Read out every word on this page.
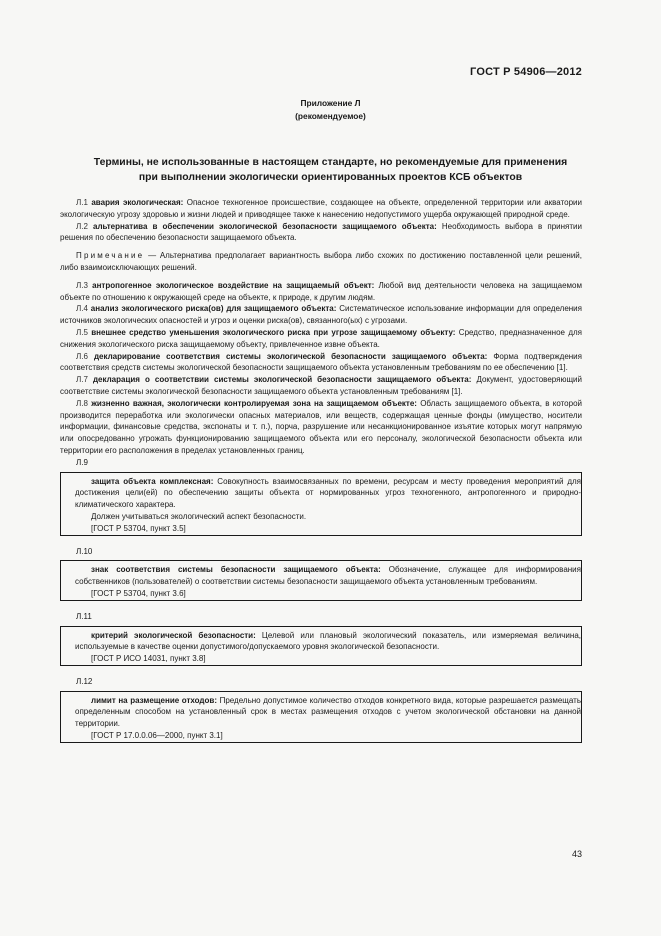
ГОСТ Р 54906—2012
Приложение Л
(рекомендуемое)
Термины, не использованные в настоящем стандарте, но рекомендуемые для применения
при выполнении экологически ориентированных проектов КСБ объектов

Л.1 авария экологическая: Опасное техногенное происшествие, создающее на объекте, определенной территории или акватории экологическую угрозу здоровью и жизни людей и приводящее также к нанесению недопустимого ущерба окружающей природной среде.

Л.2 альтернатива в обеспечении экологической безопасности защищаемого объекта: Необходимость выбора в принятии решения по обеспечению безопасности защищаемого объекта.

Примечание — Альтернатива предполагает вариантность выбора либо схожих по достижению поставленной цели решений, либо взаимоисключающих решений.

Л.3 антропогенное экологическое воздействие на защищаемый объект: Любой вид деятельности человека на защищаемом объекте по отношению к окружающей среде на объекте, к природе, к другим людям.

Л.4 анализ экологического риска(ов) для защищаемого объекта: Систематическое использование информации для определения источников экологических опасностей и угроз и оценки риска(ов), связанного(ых) с угрозами.

Л.5 внешнее средство уменьшения экологического риска при угрозе защищаемому объекту: Средство, предназначенное для снижения экологического риска защищаемому объекту, привлеченное извне объекта.

Л.6 декларирование соответствия системы экологической безопасности защищаемого объекта: Форма подтверждения соответствия средств системы экологической безопасности защищаемого объекта установленным требованиям по ее обеспечению [1].

Л.7 декларация о соответствии системы экологической безопасности защищаемого объекта: Документ, удостоверяющий соответствие системы экологической безопасности защищаемого объекта установленным требованиям [1].

Л.8 жизненно важная, экологически контролируемая зона на защищаемом объекте: Область защищаемого объекта, в которой производится переработка или экологически опасных материалов, или веществ, содержащая ценные фонды (имущество, носители информации, финансовые средства, экспонаты и т. п.), порча, разрушение или несанкционированное изъятие которых могут напрямую или опосредованно угрожать функционированию защищаемого объекта или его персоналу, экологической безопасности объекта или территории его расположения в пределах установленных границ.

Л.9

защита объекта комплексная: Совокупность взаимосвязанных по времени, ресурсам и месту проведения мероприятий для достижения цели(ей) по обеспечению защиты объекта от нормированных угроз техногенного, антропогенного и природно-климатического характера.

Должен учитываться экологический аспект безопасности.

[ГОСТ Р 53704, пункт 3.5]

Л.10

знак соответствия системы безопасности защищаемого объекта: Обозначение, служащее для информирования собственников (пользователей) о соответствии системы безопасности защищаемого объекта установленным требованиям.

[ГОСТ Р 53704, пункт 3.6]

Л.11

критерий экологической безопасности: Целевой или плановый экологический показатель, или измеряемая величина, используемые в качестве оценки допустимого/допускаемого уровня экологической безопасности.

[ГОСТ Р ИСО 14031, пункт 3.8]

Л.12

лимит на размещение отходов: Предельно допустимое количество отходов конкретного вида, которые разрешается размещать определенным способом на установленный срок в местах размещения отходов с учетом экологической обстановки на данной территории.

[ГОСТ Р 17.0.0.06—2000, пункт 3.1]

43
